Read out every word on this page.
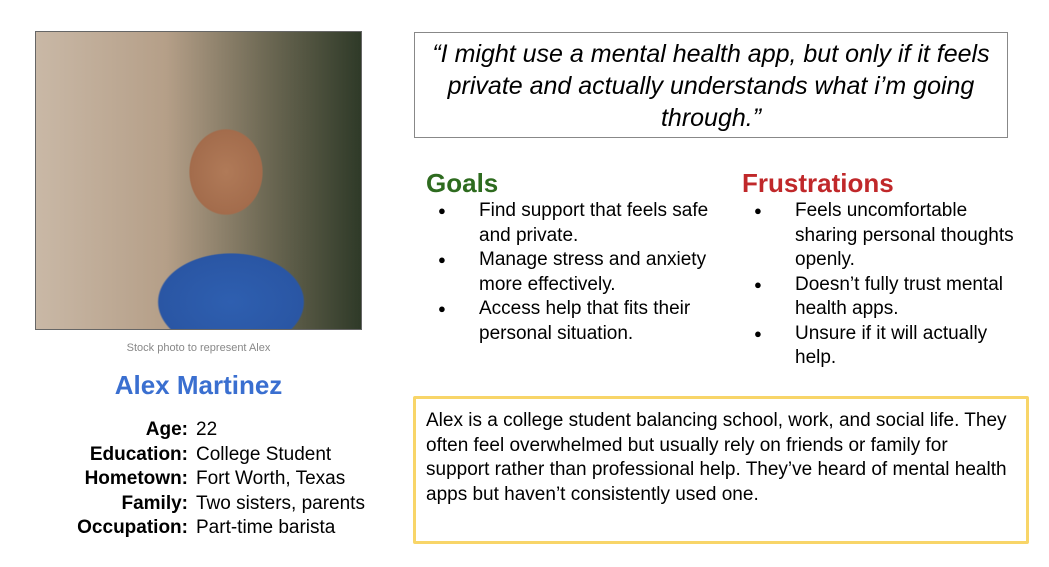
Stock photo to represent Alex
Alex Martinez
Age: 22
Education: College Student
Hometown: Fort Worth, Texas
Family: Two sisters, parents
Occupation: Part-time barista
“I might use a mental health app, but only if it feels private and actually understands what i’m going through.”
Goals
● Find support that feels safe and private.
● Manage stress and anxiety more effectively.
● Access help that fits their personal situation.
Frustrations
● Feels uncomfortable sharing personal thoughts openly.
● Doesn’t fully trust mental health apps.
● Unsure if it will actually help.
Alex is a college student balancing school, work, and social life. They often feel overwhelmed but usually rely on friends or family for support rather than professional help. They’ve heard of mental health apps but haven’t consistently used one.
